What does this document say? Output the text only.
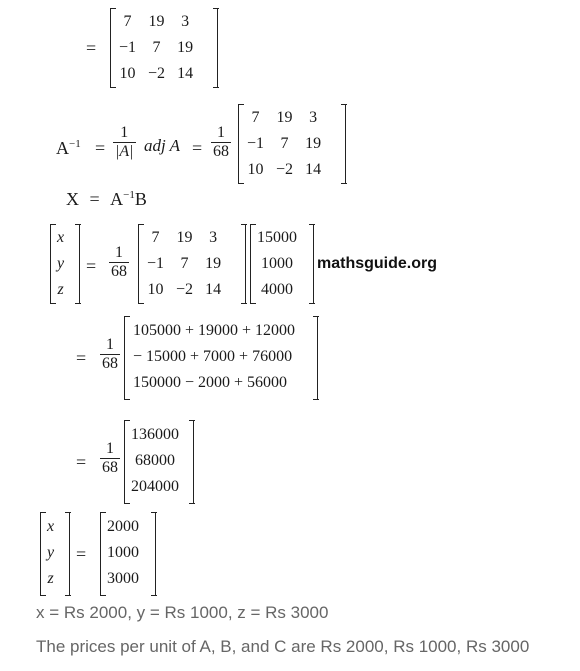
=
7	19	3
−1	7	19
10	−2	14
$A^{-1} = \frac{1}{|A|}$ adj $A = \frac{1}{68}$
7	19	3
−1	7	19
10	−2	14
$X = A^{-1}B$
x
y
z
= $\frac{1}{68}$
7	19	3
−1	7	19
10	−2	14
15000
1000
4000
mathsguide.org
= $\frac{1}{68}$
105000 + 19000 + 12000
− 15000 + 7000 + 76000
150000 − 2000 + 56000
= $\frac{1}{68}$
136000
68000
204000
x
y
z
=
2000
1000
3000
x = Rs 2000, y = Rs 1000, z = Rs 3000
The prices per unit of A, B, and C are Rs 2000, Rs 1000, Rs 3000
